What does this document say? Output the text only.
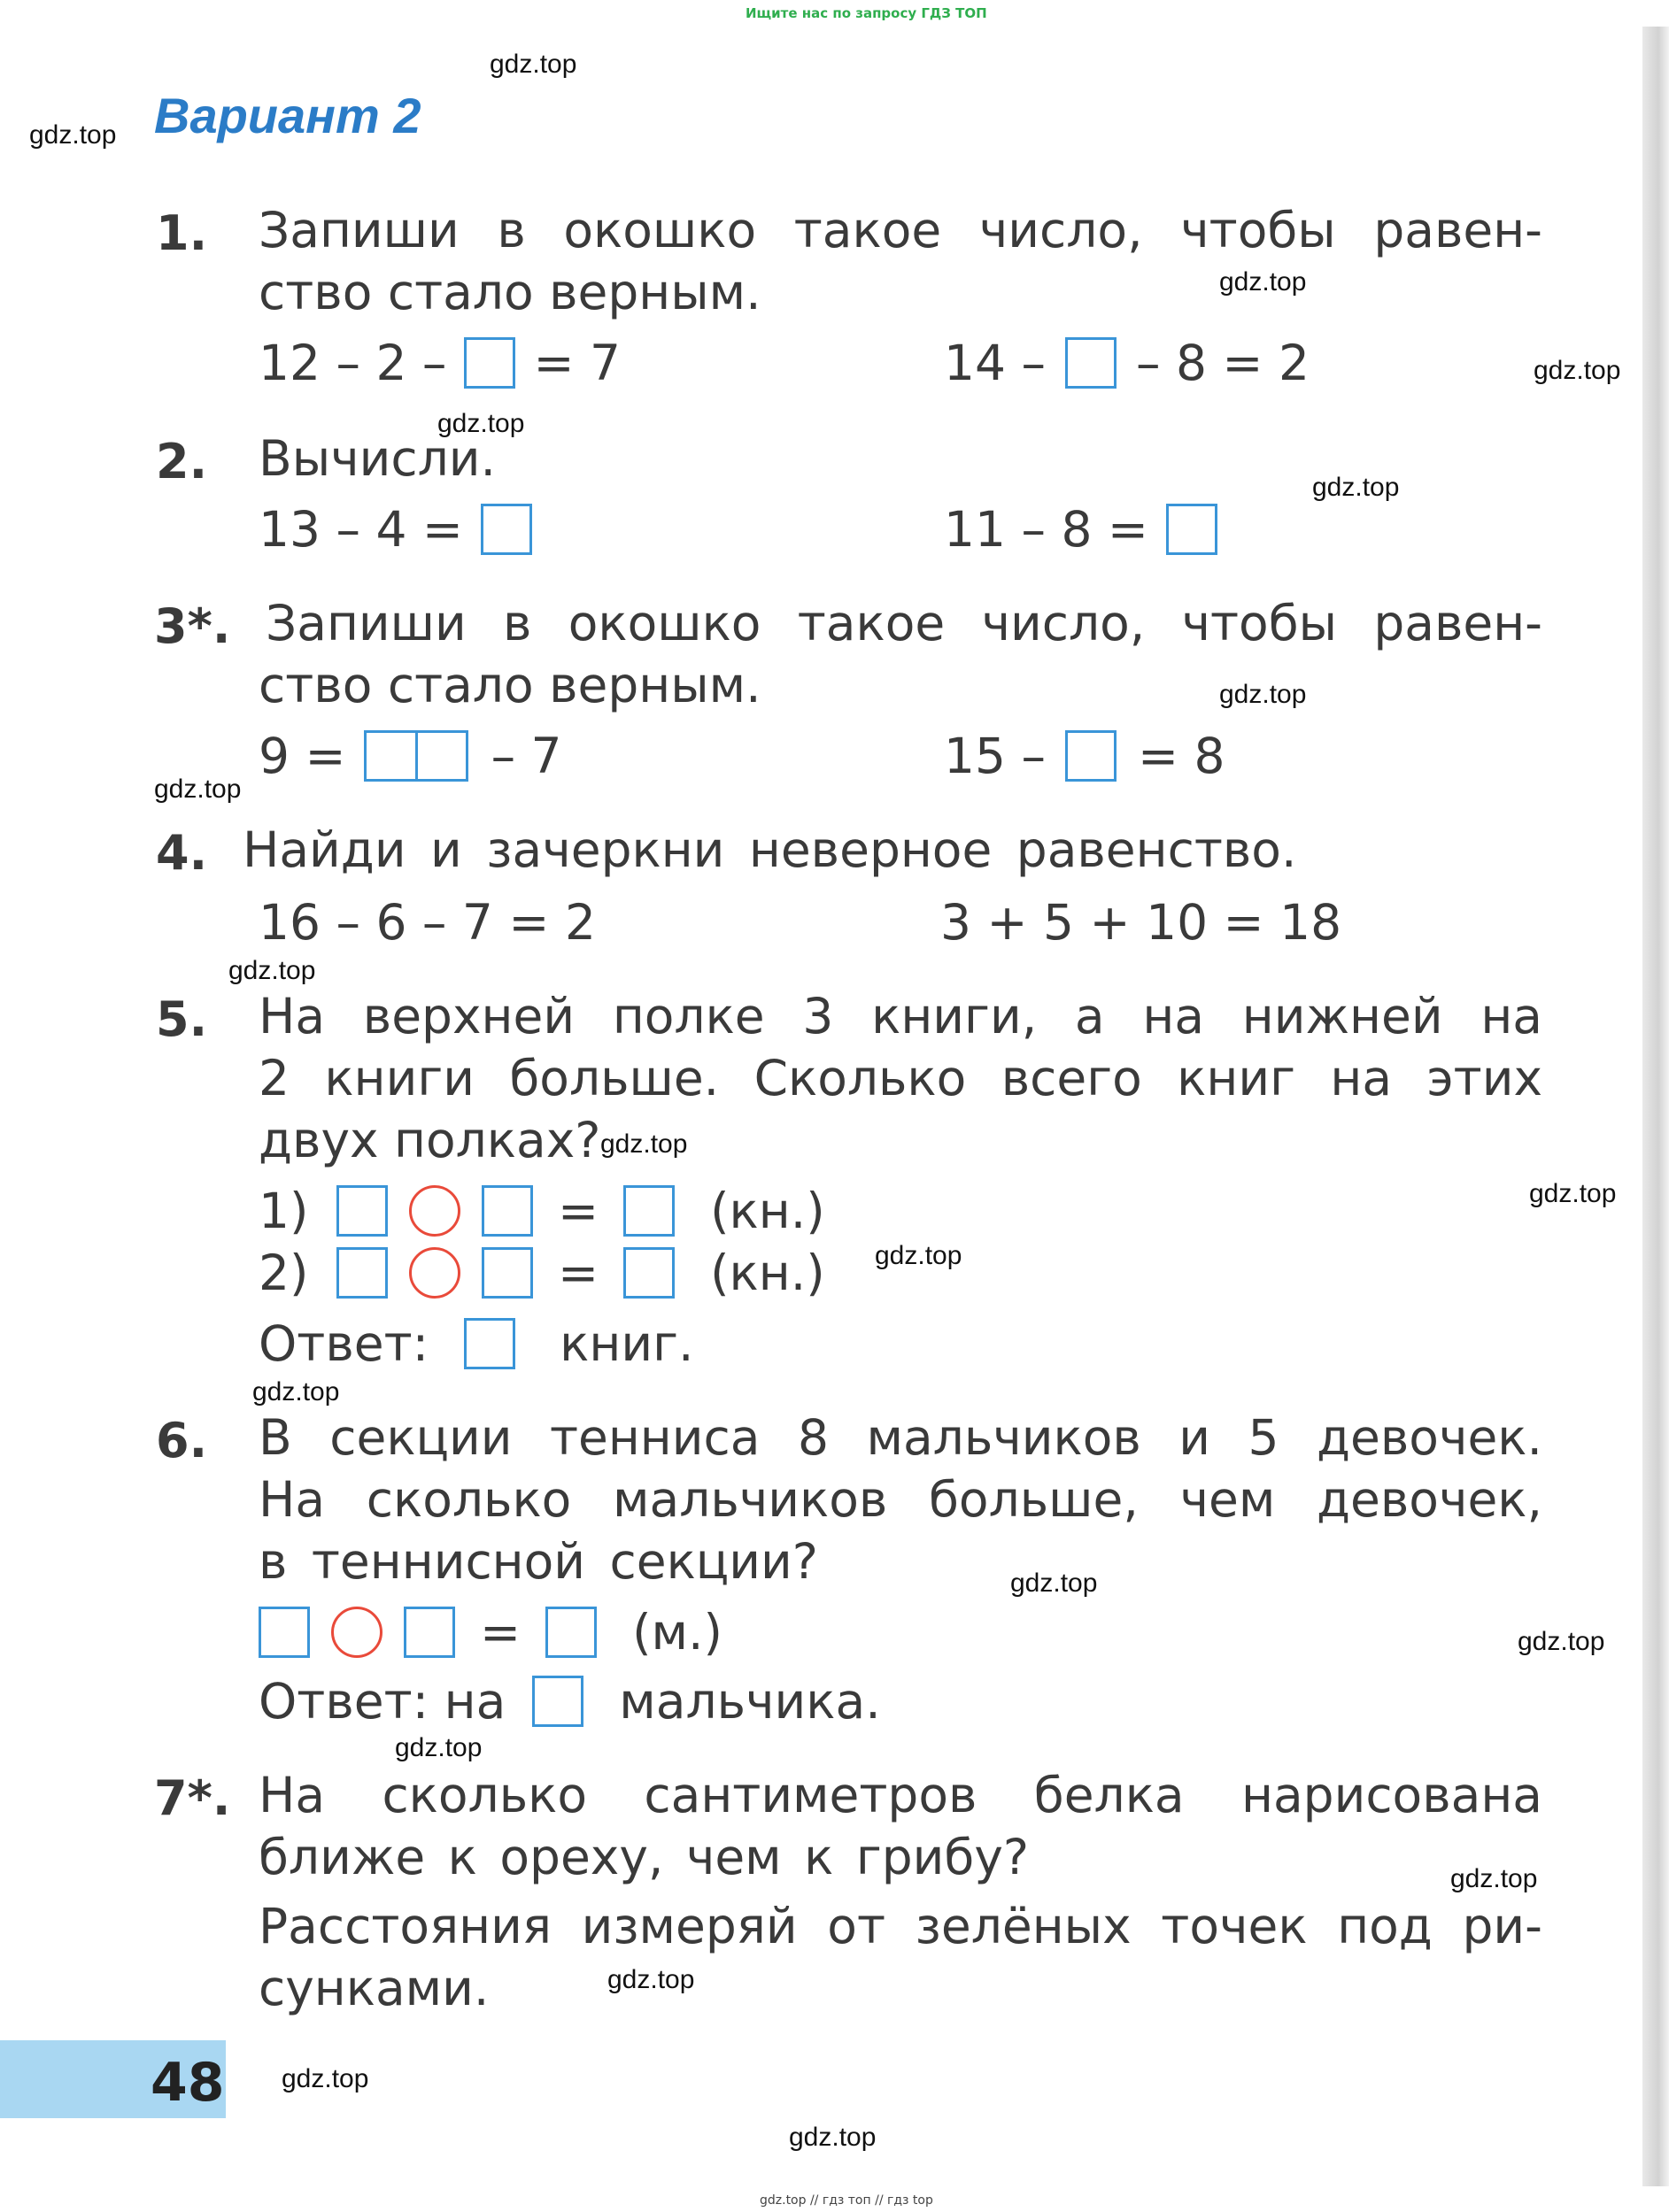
Ищите нас по запросу ГДЗ ТОП
gdz.top // гдз топ // гдз top
gdz.top
gdz.top
gdz.top
gdz.top
gdz.top
gdz.top
gdz.top
gdz.top
gdz.top
gdz.top
gdz.top
gdz.top
gdz.top
gdz.top
gdz.top
gdz.top
gdz.top
gdz.top
gdz.top
gdz.top
Вариант 2
1. Запиши в окошко такое число, чтобы равен-
ство стало верным.
12 – 2 – = 7	14 – – 8 = 2
2. Вычисли.
13 – 4 =	11 – 8 =
3*. Запиши в окошко такое число, чтобы равен-
ство стало верным.
9 =	– 7	15 – = 8
4. Найди и зачеркни неверное равенство.
16 – 6 – 7 = 2	3 + 5 + 10 = 18
5. На верхней полке 3 книги, а на нижней на
2 книги больше. Сколько всего книг на этих
двух полках?
1)	= (кн.)
2)	= (кн.)
Ответ:	книг.
6. В секции тенниса 8 мальчиков и 5 девочек.
На сколько мальчиков больше, чем девочек,
в теннисной секции?
= (м.)
Ответ: на мальчика.
7*. На сколько сантиметров белка нарисована
ближе к ореху, чем к грибу?
Расстояния измеряй от зелёных точек под ри-
сунками.
48
